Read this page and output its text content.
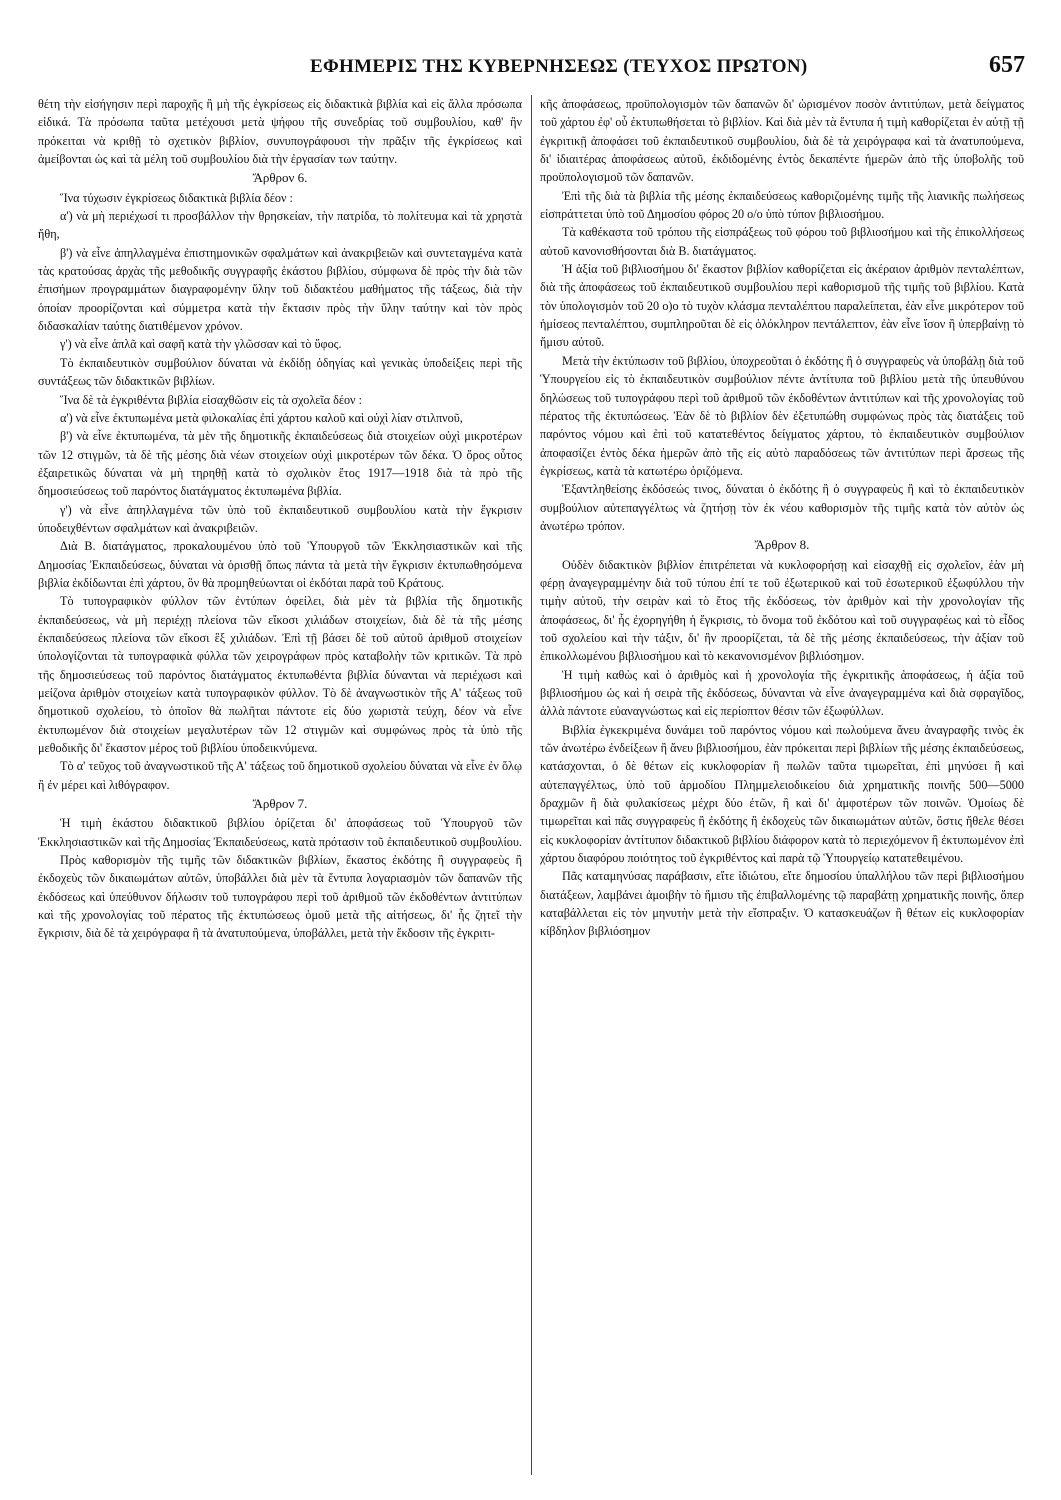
ΕΦΗΜΕΡΙΣ ΤΗΣ ΚΥΒΕΡΝΗΣΕΩΣ (ΤΕΥΧΟΣ ΠΡΩΤΟΝ)	657

θέτη τὴν εἰσήγησιν περὶ παροχῆς ἢ μὴ τῆς ἐγκρίσεως εἰς διδακτικὰ βιβλία καὶ εἰς ἄλλα πρόσωπα εἰδικά. Τὰ πρόσωπα ταῦτα μετέχουσι μετὰ ψήφου τῆς συνεδρίας τοῦ συμβουλίου, καθ' ἣν πρόκειται νὰ κριθῇ τὸ σχετικὸν βιβλίον, συνυπογράφουσι τὴν πρᾶξιν τῆς ἐγκρίσεως καὶ ἀμείβονται ὡς καὶ τὰ μέλη τοῦ συμβουλίου διὰ τὴν ἐργασίαν των ταύτην.

Ἄρθρον 6.

Ἵνα τύχωσιν ἐγκρίσεως διδακτικὰ βιβλία δέον :

α') νὰ μὴ περιέχωσί τι προσβάλλον τὴν θρησκείαν, τὴν πατρίδα, τὸ πολίτευμα καὶ τὰ χρηστὰ ἤθη,

β') νὰ εἶνε ἀπηλλαγμένα ἐπιστημονικῶν σφαλμάτων καὶ ἀνακριβειῶν καὶ συντεταγμένα κατὰ τὰς κρατούσας ἀρχὰς τῆς μεθοδικῆς συγγραφῆς ἑκάστου βιβλίου, σύμφωνα δὲ πρὸς τὴν διὰ τῶν ἐπισήμων προγραμμάτων διαγραφομένην ὕλην τοῦ διδακτέου μαθήματος τῆς τάξεως, διὰ τὴν ὁποίαν προορίζονται καὶ σύμμετρα κατὰ τὴν ἔκτασιν πρὸς τὴν ὕλην ταύτην καὶ τὸν πρὸς διδασκαλίαν ταύτης διατιθέμενον χρόνον.

γ') νὰ εἶνε ἁπλᾶ καὶ σαφῆ κατὰ τὴν γλῶσσαν καὶ τὸ ὕφος.

Τὸ ἐκπαιδευτικὸν συμβούλιον δύναται νὰ ἐκδίδῃ ὁδηγίας καὶ γενικὰς ὑποδείξεις περὶ τῆς συντάξεως τῶν διδακτικῶν βιβλίων.

Ἵνα δὲ τὰ ἐγκριθέντα βιβλία εἰσαχθῶσιν εἰς τὰ σχολεῖα δέον :

α') νὰ εἶνε ἐκτυπωμένα μετὰ φιλοκαλίας ἐπὶ χάρτου καλοῦ καὶ οὐχὶ λίαν στιλπνοῦ,

β') νὰ εἶνε ἐκτυπωμένα, τὰ μὲν τῆς δημοτικῆς ἐκπαιδεύσεως διὰ στοιχείων οὐχὶ μικροτέρων τῶν 12 στιγμῶν, τὰ δὲ τῆς μέσης διὰ νέων στοιχείων οὐχὶ μικροτέρων τῶν δέκα. Ὁ ὅρος οὗτος ἐξαιρετικῶς δύναται νὰ μὴ τηρηθῇ κατὰ τὸ σχολικὸν ἔτος 1917—1918 διὰ τὰ πρὸ τῆς δημοσιεύσεως τοῦ παρόντος διατάγματος ἐκτυπωμένα βιβλία.

γ') νὰ εἶνε ἀπηλλαγμένα τῶν ὑπὸ τοῦ ἐκπαιδευτικοῦ συμβουλίου κατὰ τὴν ἔγκρισιν ὑποδειχθέντων σφαλμάτων καὶ ἀνακριβειῶν.

Διὰ Β. διατάγματος, προκαλουμένου ὑπὸ τοῦ Ὑπουργοῦ τῶν Ἐκκλησιαστικῶν καὶ τῆς Δημοσίας Ἐκπαιδεύσεως, δύναται νὰ ὁρισθῇ ὅπως πάντα τὰ μετὰ τὴν ἔγκρισιν ἐκτυπωθησόμενα βιβλία ἐκδίδωνται ἐπὶ χάρτου, ὃν θὰ προμηθεύωνται οἱ ἐκδόται παρὰ τοῦ Κράτους.

Τὸ τυπογραφικὸν φύλλον τῶν ἐντύπων ὀφείλει, διὰ μὲν τὰ βιβλία τῆς δημοτικῆς ἐκπαιδεύσεως, νὰ μὴ περιέχῃ πλείονα τῶν εἴκοσι χιλιάδων στοιχείων, διὰ δὲ τὰ τῆς μέσης ἐκπαιδεύσεως πλείονα τῶν εἴκοσι ἓξ χιλιάδων. Ἐπὶ τῇ βάσει δὲ τοῦ αὐτοῦ ἀριθμοῦ στοιχείων ὑπολογίζονται τὰ τυπογραφικὰ φύλλα τῶν χειρογράφων πρὸς καταβολὴν τῶν κριτικῶν. Τὰ πρὸ τῆς δημοσιεύσεως τοῦ παρόντος διατάγματος ἐκτυπωθέντα βιβλία δύνανται νὰ περιέχωσι καὶ μείζονα ἀριθμὸν στοιχείων κατὰ τυπογραφικὸν φύλλον. Τὸ δὲ ἀναγνωστικὸν τῆς Α' τάξεως τοῦ δημοτικοῦ σχολείου, τὸ ὁποῖον θὰ πωλῆται πάντοτε εἰς δύο χωριστὰ τεύχη, δέον νὰ εἶνε ἐκτυπωμένον διὰ στοιχείων μεγαλυτέρων τῶν 12 στιγμῶν καὶ συμφώνως πρὸς τὰ ὑπὸ τῆς μεθοδικῆς δι' ἕκαστον μέρος τοῦ βιβλίου ὑποδεικνύμενα.

Τὸ α' τεῦχος τοῦ ἀναγνωστικοῦ τῆς Α' τάξεως τοῦ δημοτικοῦ σχολείου δύναται νὰ εἶνε ἐν ὅλῳ ἢ ἐν μέρει καὶ λιθόγραφον.

Ἄρθρον 7.

Ἡ τιμὴ ἑκάστου διδακτικοῦ βιβλίου ὁρίζεται δι' ἀποφάσεως τοῦ Ὑπουργοῦ τῶν Ἐκκλησιαστικῶν καὶ τῆς Δημοσίας Ἐκπαιδεύσεως, κατὰ πρότασιν τοῦ ἐκπαιδευτικοῦ συμβουλίου.

Πρὸς καθορισμὸν τῆς τιμῆς τῶν διδακτικῶν βιβλίων, ἕκαστος ἐκδότης ἢ συγγραφεὺς ἢ ἐκδοχεὺς τῶν δικαιωμάτων αὐτῶν, ὑποβάλλει διὰ μὲν τὰ ἔντυπα λογαριασμὸν τῶν δαπανῶν τῆς ἐκδόσεως καὶ ὑπεύθυνον δήλωσιν τοῦ τυπογράφου περὶ τοῦ ἀριθμοῦ τῶν ἐκδοθέντων ἀντιτύπων καὶ τῆς χρονολογίας τοῦ πέρατος τῆς ἐκτυπώσεως ὁμοῦ μετὰ τῆς αἰτήσεως, δι' ἧς ζητεῖ τὴν ἔγκρισιν, διὰ δὲ τὰ χειρόγραφα ἢ τὰ ἀνατυπούμενα, ὑποβάλλει, μετὰ τὴν ἔκδοσιν τῆς ἐγκριτι-

κῆς ἀποφάσεως, προϋπολογισμὸν τῶν δαπανῶν δι' ὡρισμένον ποσὸν ἀντιτύπων, μετὰ δείγματος τοῦ χάρτου ἐφ' οὗ ἐκτυπωθήσεται τὸ βιβλίον. Καὶ διὰ μὲν τὰ ἔντυπα ἡ τιμὴ καθορίζεται ἐν αὐτῇ τῇ ἐγκριτικῇ ἀποφάσει τοῦ ἐκπαιδευτικοῦ συμβουλίου, διὰ δὲ τὰ χειρόγραφα καὶ τὰ ἀνατυπούμενα, δι' ἰδιαιτέρας ἀποφάσεως αὐτοῦ, ἐκδιδομένης ἐντὸς δεκαπέντε ἡμερῶν ἀπὸ τῆς ὑποβολῆς τοῦ προϋπολογισμοῦ τῶν δαπανῶν.

Ἐπὶ τῆς διὰ τὰ βιβλία τῆς μέσης ἐκπαιδεύσεως καθοριζομένης τιμῆς τῆς λιανικῆς πωλήσεως εἰσπράττεται ὑπὸ τοῦ Δημοσίου φόρος 20 ο/ο ὑπὸ τύπον βιβλιοσήμου.

Τὰ καθέκαστα τοῦ τρόπου τῆς εἰσπράξεως τοῦ φόρου τοῦ βιβλιοσήμου καὶ τῆς ἐπικολλήσεως αὐτοῦ κανονισθήσονται διὰ Β. διατάγματος.

Ἡ ἀξία τοῦ βιβλιοσήμου δι' ἕκαστον βιβλίον καθορίζεται εἰς ἀκέραιον ἀριθμὸν πενταλέπτων, διὰ τῆς ἀποφάσεως τοῦ ἐκπαιδευτικοῦ συμβουλίου περὶ καθορισμοῦ τῆς τιμῆς τοῦ βιβλίου. Κατὰ τὸν ὑπολογισμὸν τοῦ 20 ο)ο τὸ τυχὸν κλάσμα πενταλέπτου παραλείπεται, ἐὰν εἶνε μικρότερον τοῦ ἡμίσεος πενταλέπτου, συμπληροῦται δὲ εἰς ὁλόκληρον πεντάλεπτον, ἐὰν εἶνε ἴσον ἢ ὑπερβαίνῃ τὸ ἥμισυ αὐτοῦ.

Μετὰ τὴν ἐκτύπωσιν τοῦ βιβλίου, ὑποχρεοῦται ὁ ἐκδότης ἢ ὁ συγγραφεὺς νὰ ὑποβάλῃ διὰ τοῦ Ὑπουργείου εἰς τὸ ἐκπαιδευτικὸν συμβούλιον πέντε ἀντίτυπα τοῦ βιβλίου μετὰ τῆς ὑπευθύνου δηλώσεως τοῦ τυπογράφου περὶ τοῦ ἀριθμοῦ τῶν ἐκδοθέντων ἀντιτύπων καὶ τῆς χρονολογίας τοῦ πέρατος τῆς ἐκτυπώσεως. Ἐὰν δὲ τὸ βιβλίον δὲν ἐξετυπώθη συμφώνως πρὸς τὰς διατάξεις τοῦ παρόντος νόμου καὶ ἐπὶ τοῦ κατατεθέντος δείγματος χάρτου, τὸ ἐκπαιδευτικὸν συμβούλιον ἀποφασίζει ἐντὸς δέκα ἡμερῶν ἀπὸ τῆς εἰς αὐτὸ παραδόσεως τῶν ἀντιτύπων περὶ ἄρσεως τῆς ἐγκρίσεως, κατὰ τὰ κατωτέρω ὁριζόμενα.

Ἐξαντληθείσης ἐκδόσεώς τινος, δύναται ὁ ἐκδότης ἢ ὁ συγγραφεὺς ἢ καὶ τὸ ἐκπαιδευτικὸν συμβούλιον αὐτεπαγγέλτως νὰ ζητήσῃ τὸν ἐκ νέου καθορισμὸν τῆς τιμῆς κατὰ τὸν αὐτὸν ὡς ἀνωτέρω τρόπον.

Ἄρθρον 8.

Οὐδὲν διδακτικὸν βιβλίον ἐπιτρέπεται νὰ κυκλοφορήσῃ καὶ εἰσαχθῇ εἰς σχολεῖον, ἐὰν μὴ φέρῃ ἀναγεγραμμένην διὰ τοῦ τύπου ἐπί τε τοῦ ἐξωτερικοῦ καὶ τοῦ ἐσωτερικοῦ ἐξωφύλλου τὴν τιμὴν αὐτοῦ, τὴν σειρὰν καὶ τὸ ἔτος τῆς ἐκδόσεως, τὸν ἀριθμὸν καὶ τὴν χρονολογίαν τῆς ἀποφάσεως, δι' ἧς ἐχορηγήθη ἡ ἔγκρισις, τὸ ὄνομα τοῦ ἐκδότου καὶ τοῦ συγγραφέως καὶ τὸ εἶδος τοῦ σχολείου καὶ τὴν τάξιν, δι' ἣν προορίζεται, τὰ δὲ τῆς μέσης ἐκπαιδεύσεως, τὴν ἀξίαν τοῦ ἐπικολλωμένου βιβλιοσήμου καὶ τὸ κεκανονισμένον βιβλιόσημον.

Ἡ τιμὴ καθὼς καὶ ὁ ἀριθμὸς καὶ ἡ χρονολογία τῆς ἐγκριτικῆς ἀποφάσεως, ἡ ἀξία τοῦ βιβλιοσήμου ὡς καὶ ἡ σειρὰ τῆς ἐκδόσεως, δύνανται νὰ εἶνε ἀναγεγραμμένα καὶ διὰ σφραγῖδος, ἀλλὰ πάντοτε εὐαναγνώστως καὶ εἰς περίοπτον θέσιν τῶν ἐξωφύλλων.

Βιβλία ἐγκεκριμένα δυνάμει τοῦ παρόντος νόμου καὶ πωλούμενα ἄνευ ἀναγραφῆς τινὸς ἐκ τῶν ἀνωτέρω ἐνδείξεων ἢ ἄνευ βιβλιοσήμου, ἐὰν πρόκειται περὶ βιβλίων τῆς μέσης ἐκπαιδεύσεως, κατάσχονται, ὁ δὲ θέτων εἰς κυκλοφορίαν ἢ πωλῶν ταῦτα τιμωρεῖται, ἐπὶ μηνύσει ἢ καὶ αὐτεπαγγέλτως, ὑπὸ τοῦ ἁρμοδίου Πλημμελειοδικείου διὰ χρηματικῆς ποινῆς 500—5000 δραχμῶν ἢ διὰ φυλακίσεως μέχρι δύο ἐτῶν, ἢ καὶ δι' ἀμφοτέρων τῶν ποινῶν. Ὁμοίως δὲ τιμωρεῖται καὶ πᾶς συγγραφεὺς ἢ ἐκδότης ἢ ἐκδοχεὺς τῶν δικαιωμάτων αὐτῶν, ὅστις ἤθελε θέσει εἰς κυκλοφορίαν ἀντίτυπον διδακτικοῦ βιβλίου διάφορον κατὰ τὸ περιεχόμενον ἢ ἐκτυπωμένον ἐπὶ χάρτου διαφόρου ποιότητος τοῦ ἐγκριθέντος καὶ παρὰ τῷ Ὑπουργείῳ κατατεθειμένου.

Πᾶς καταμηνύσας παράβασιν, εἴτε ἰδιώτου, εἴτε δημοσίου ὑπαλλήλου τῶν περὶ βιβλιοσήμου διατάξεων, λαμβάνει ἀμοιβὴν τὸ ἥμισυ τῆς ἐπιβαλλομένης τῷ παραβάτῃ χρηματικῆς ποινῆς, ὅπερ καταβάλλεται εἰς τὸν μηνυτὴν μετὰ τὴν εἴσπραξιν. Ὁ κατασκευάζων ἢ θέτων εἰς κυκλοφορίαν κίβδηλον βιβλιόσημον
